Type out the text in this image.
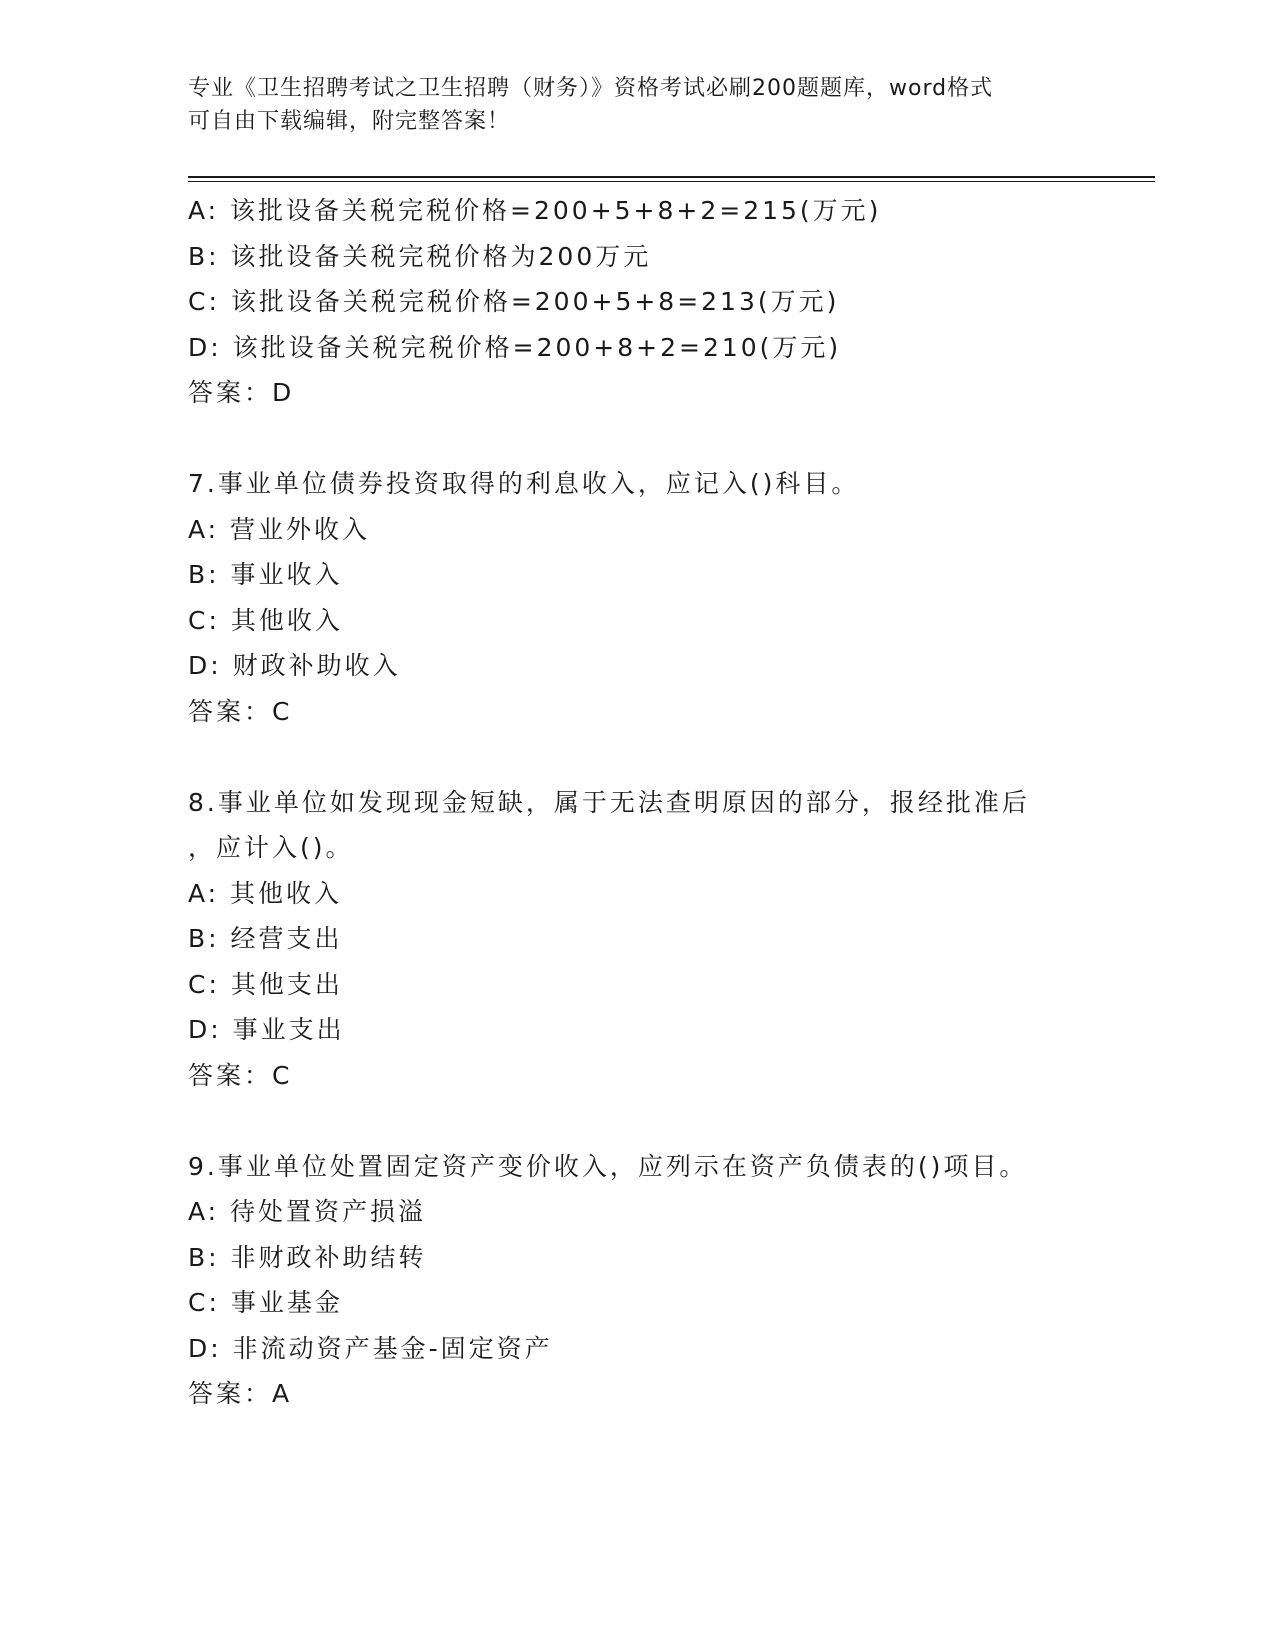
专业《卫生招聘考试之卫生招聘（财务）》资格考试必刷200题题库，word格式
可自由下载编辑，附完整答案！
A: 该批设备关税完税价格=200+5+8+2=215(万元)
B: 该批设备关税完税价格为200万元
C: 该批设备关税完税价格=200+5+8=213(万元)
D: 该批设备关税完税价格=200+8+2=210(万元)
答案：D
7.事业单位债券投资取得的利息收入，应记入()科目。
A: 营业外收入
B: 事业收入
C: 其他收入
D: 财政补助收入
答案：C
8.事业单位如发现现金短缺，属于无法查明原因的部分，报经批准后
，应计入()。
A: 其他收入
B: 经营支出
C: 其他支出
D: 事业支出
答案：C
9.事业单位处置固定资产变价收入，应列示在资产负债表的()项目。
A: 待处置资产损溢
B: 非财政补助结转
C: 事业基金
D: 非流动资产基金-固定资产
答案：A
